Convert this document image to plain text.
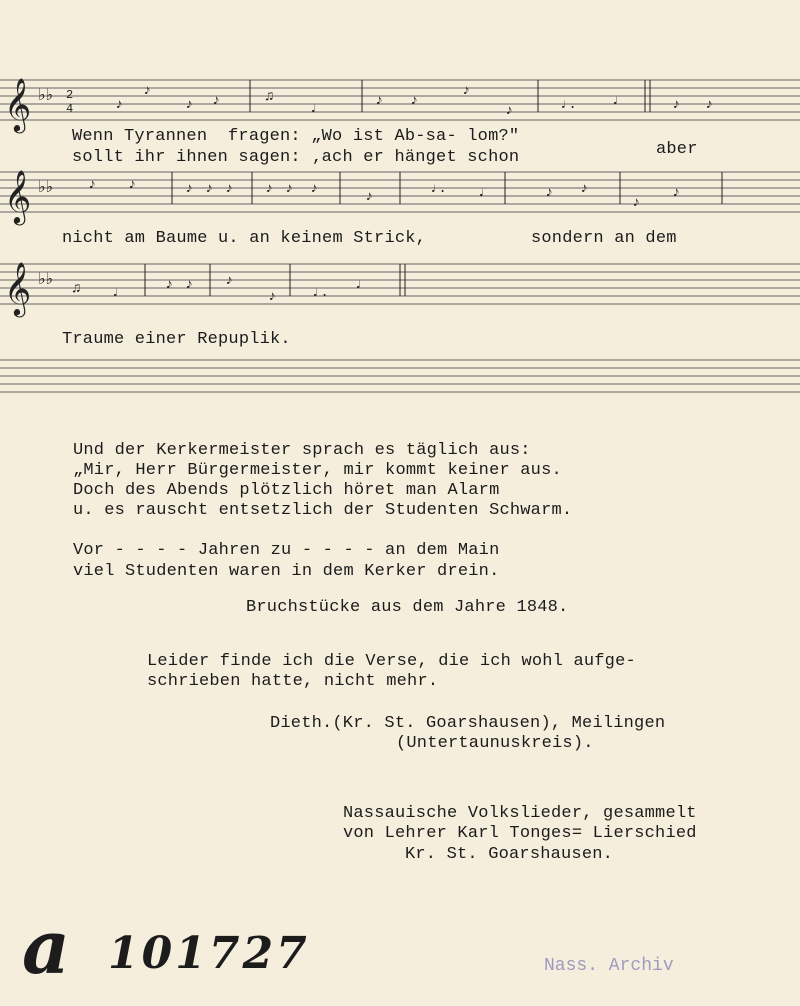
𝄞 ♭♭ 2
4	♪
♪
♪ ♪	♫
♩	♪ ♪
♪
♪	♩.	♩	♪ ♪
Wenn Tyrannen  fragen: „Wo ist Ab-sa- lom?"
sollt ihr ihnen sagen: ‚ach er hänget schon	aber
𝄞 ♭♭ ♪ ♪	♪ ♪ ♪ ♪ ♪ ♪	♪	♩. ♩	♪ ♪
♪
♪
nicht am Baume u. an keinem Strick,	sondern an dem
𝄞 ♭♭
♫ ♩	♪ ♪ ♪
♪	♩. ♩
Traume einer Repuplik.
Und der Kerkermeister sprach es täglich aus:
„Mir, Herr Bürgermeister, mir kommt keiner aus.
Doch des Abends plötzlich höret man Alarm
u. es rauscht entsetzlich der Studenten Schwarm.
Vor - - - - Jahren zu - - - - an dem Main
viel Studenten waren in dem Kerker drein.
Bruchstücke aus dem Jahre 1848.
Leider finde ich die Verse, die ich wohl aufge-
schrieben hatte, nicht mehr.
Dieth.(Kr. St. Goarshausen), Meilingen
(Untertaunuskreis).
Nassauische Volkslieder, gesammelt
von Lehrer Karl Tonges= Lierschied
Kr. St. Goarshausen.
a 101727	Nass. Archiv
